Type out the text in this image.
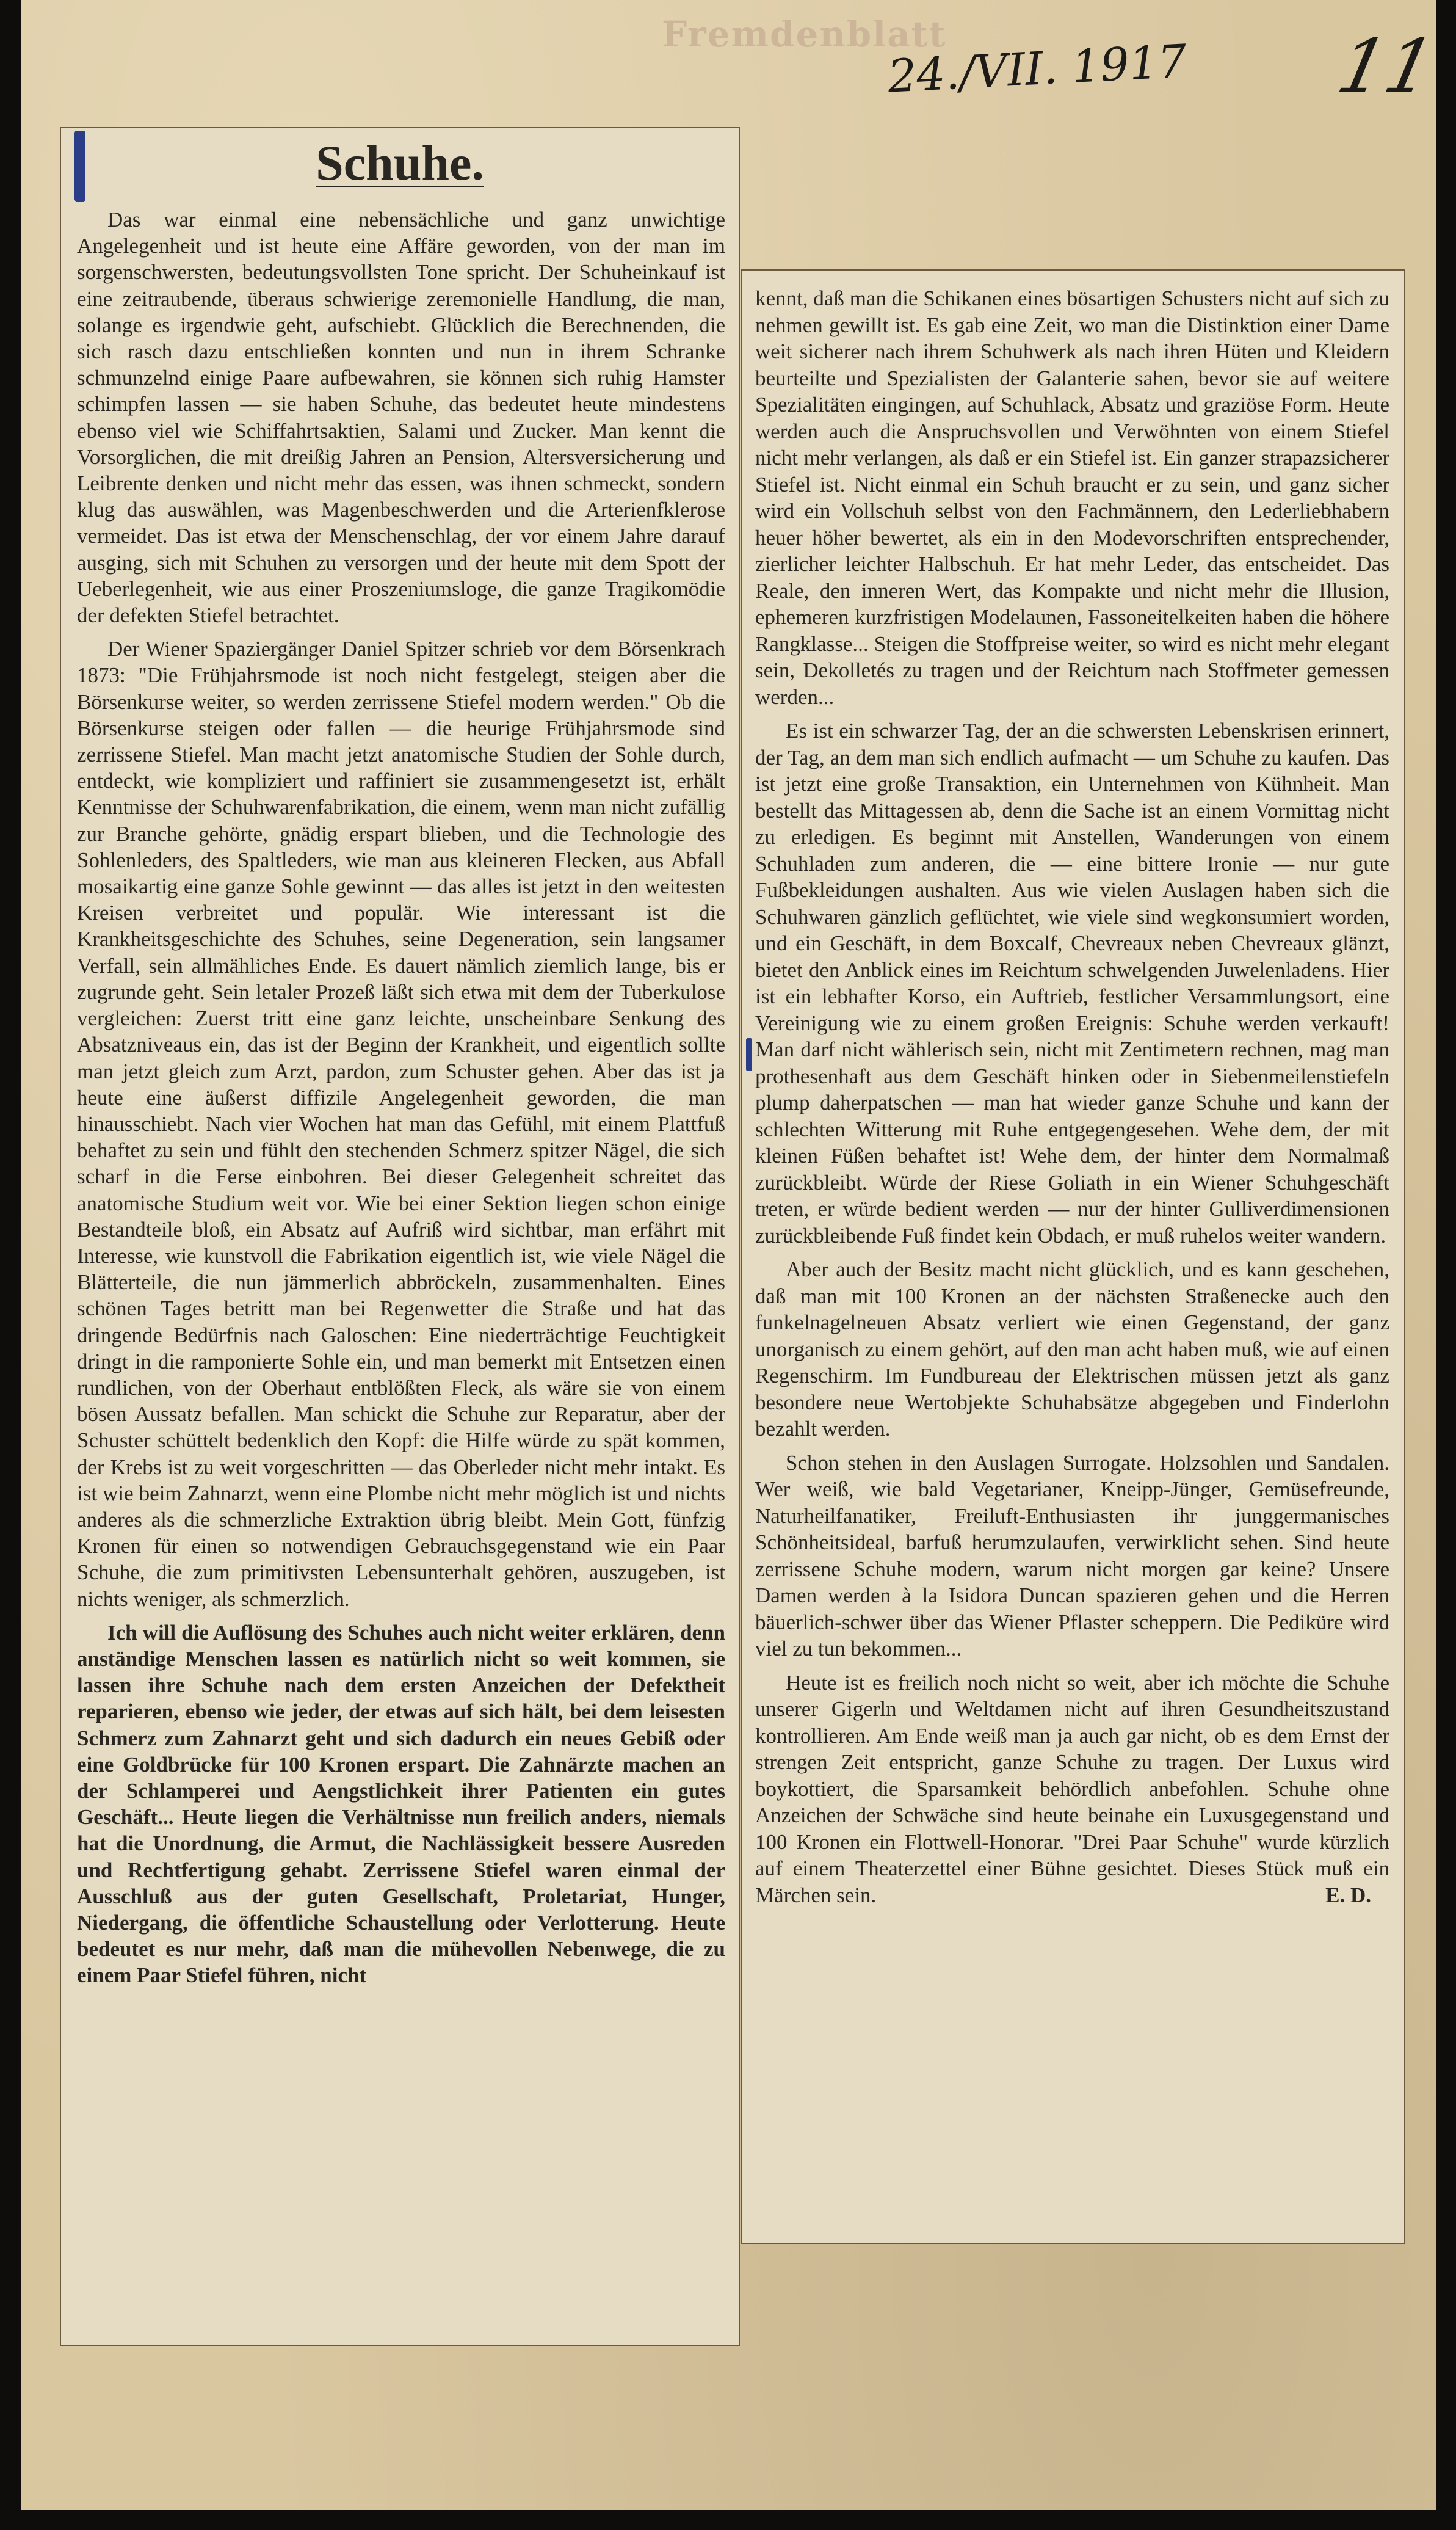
Fremdenblatt
24./VII. 1917 11
Schuhe.

Das war einmal eine nebensächliche und ganz unwichtige Angelegenheit und ist heute eine Affäre geworden, von der man im sorgenschwersten, bedeutungsvollsten Tone spricht. Der Schuheinkauf ist eine zeitraubende, überaus schwierige zeremonielle Handlung, die man, solange es irgendwie geht, aufschiebt. Glücklich die Berechnenden, die sich rasch dazu entschließen konnten und nun in ihrem Schranke schmunzelnd einige Paare aufbewahren, sie können sich ruhig Hamster schimpfen lassen — sie haben Schuhe, das bedeutet heute mindestens ebenso viel wie Schiffahrtsaktien, Salami und Zucker. Man kennt die Vorsorglichen, die mit dreißig Jahren an Pension, Altersversicherung und Leibrente denken und nicht mehr das essen, was ihnen schmeckt, sondern klug das auswählen, was Magenbeschwerden und die Arterienfklerose vermeidet. Das ist etwa der Menschenschlag, der vor einem Jahre darauf ausging, sich mit Schuhen zu versorgen und der heute mit dem Spott der Ueberlegenheit, wie aus einer Proszeniumsloge, die ganze Tragikomödie der defekten Stiefel betrachtet.

Der Wiener Spaziergänger Daniel Spitzer schrieb vor dem Börsenkrach 1873: "Die Frühjahrsmode ist noch nicht festgelegt, steigen aber die Börsenkurse weiter, so werden zerrissene Stiefel modern werden." Ob die Börsenkurse steigen oder fallen — die heurige Frühjahrsmode sind zerrissene Stiefel. Man macht jetzt anatomische Studien der Sohle durch, entdeckt, wie kompliziert und raffiniert sie zusammengesetzt ist, erhält Kenntnisse der Schuhwarenfabrikation, die einem, wenn man nicht zufällig zur Branche gehörte, gnädig erspart blieben, und die Technologie des Sohlenleders, des Spaltleders, wie man aus kleineren Flecken, aus Abfall mosaikartig eine ganze Sohle gewinnt — das alles ist jetzt in den weitesten Kreisen verbreitet und populär. Wie interessant ist die Krankheitsgeschichte des Schuhes, seine Degeneration, sein langsamer Verfall, sein allmähliches Ende. Es dauert nämlich ziemlich lange, bis er zugrunde geht. Sein letaler Prozeß läßt sich etwa mit dem der Tuberkulose vergleichen: Zuerst tritt eine ganz leichte, unscheinbare Senkung des Absatzniveaus ein, das ist der Beginn der Krankheit, und eigentlich sollte man jetzt gleich zum Arzt, pardon, zum Schuster gehen. Aber das ist ja heute eine äußerst diffizile Angelegenheit geworden, die man hinausschiebt. Nach vier Wochen hat man das Gefühl, mit einem Plattfuß behaftet zu sein und fühlt den stechenden Schmerz spitzer Nägel, die sich scharf in die Ferse einbohren. Bei dieser Gelegenheit schreitet das anatomische Studium weit vor. Wie bei einer Sektion liegen schon einige Bestandteile bloß, ein Absatz auf Aufriß wird sichtbar, man erfährt mit Interesse, wie kunstvoll die Fabrikation eigentlich ist, wie viele Nägel die Blätterteile, die nun jämmerlich abbröckeln, zusammenhalten. Eines schönen Tages betritt man bei Regenwetter die Straße und hat das dringende Bedürfnis nach Galoschen: Eine niederträchtige Feuchtigkeit dringt in die ramponierte Sohle ein, und man bemerkt mit Entsetzen einen rundlichen, von der Oberhaut entblößten Fleck, als wäre sie von einem bösen Aussatz befallen. Man schickt die Schuhe zur Reparatur, aber der Schuster schüttelt bedenklich den Kopf: die Hilfe würde zu spät kommen, der Krebs ist zu weit vorgeschritten — das Oberleder nicht mehr intakt. Es ist wie beim Zahnarzt, wenn eine Plombe nicht mehr möglich ist und nichts anderes als die schmerzliche Extraktion übrig bleibt. Mein Gott, fünfzig Kronen für einen so notwendigen Gebrauchsgegenstand wie ein Paar Schuhe, die zum primitivsten Lebensunterhalt gehören, auszugeben, ist nichts weniger, als schmerzlich.

Ich will die Auflösung des Schuhes auch nicht weiter erklären, denn anständige Menschen lassen es natürlich nicht so weit kommen, sie lassen ihre Schuhe nach dem ersten Anzeichen der Defektheit reparieren, ebenso wie jeder, der etwas auf sich hält, bei dem leisesten Schmerz zum Zahnarzt geht und sich dadurch ein neues Gebiß oder eine Goldbrücke für 100 Kronen erspart. Die Zahnärzte machen an der Schlamperei und Aengstlichkeit ihrer Patienten ein gutes Geschäft... Heute liegen die Verhältnisse nun freilich anders, niemals hat die Unordnung, die Armut, die Nachlässigkeit bessere Ausreden und Rechtfertigung gehabt. Zerrissene Stiefel waren einmal der Ausschluß aus der guten Gesellschaft, Proletariat, Hunger, Niedergang, die öffentliche Schaustellung oder Verlotterung. Heute bedeutet es nur mehr, daß man die mühevollen Nebenwege, die zu einem Paar Stiefel führen, nicht

kennt, daß man die Schikanen eines bösartigen Schusters nicht auf sich zu nehmen gewillt ist. Es gab eine Zeit, wo man die Distinktion einer Dame weit sicherer nach ihrem Schuhwerk als nach ihren Hüten und Kleidern beurteilte und Spezialisten der Galanterie sahen, bevor sie auf weitere Spezialitäten eingingen, auf Schuhlack, Absatz und graziöse Form. Heute werden auch die Anspruchsvollen und Verwöhnten von einem Stiefel nicht mehr verlangen, als daß er ein Stiefel ist. Ein ganzer strapazsicherer Stiefel ist. Nicht einmal ein Schuh braucht er zu sein, und ganz sicher wird ein Vollschuh selbst von den Fachmännern, den Lederliebhabern heuer höher bewertet, als ein in den Modevorschriften entsprechender, zierlicher leichter Halbschuh. Er hat mehr Leder, das entscheidet. Das Reale, den inneren Wert, das Kompakte und nicht mehr die Illusion, ephemeren kurzfristigen Modelaunen, Fassoneitelkeiten haben die höhere Rangklasse... Steigen die Stoffpreise weiter, so wird es nicht mehr elegant sein, Dekolletés zu tragen und der Reichtum nach Stoffmeter gemessen werden...

Es ist ein schwarzer Tag, der an die schwersten Lebenskrisen erinnert, der Tag, an dem man sich endlich aufmacht — um Schuhe zu kaufen. Das ist jetzt eine große Transaktion, ein Unternehmen von Kühnheit. Man bestellt das Mittagessen ab, denn die Sache ist an einem Vormittag nicht zu erledigen. Es beginnt mit Anstellen, Wanderungen von einem Schuhladen zum anderen, die — eine bittere Ironie — nur gute Fußbekleidungen aushalten. Aus wie vielen Auslagen haben sich die Schuhwaren gänzlich geflüchtet, wie viele sind wegkonsumiert worden, und ein Geschäft, in dem Boxcalf, Chevreaux neben Chevreaux glänzt, bietet den Anblick eines im Reichtum schwelgenden Juwelenladens. Hier ist ein lebhafter Korso, ein Auftrieb, festlicher Versammlungsort, eine Vereinigung wie zu einem großen Ereignis: Schuhe werden verkauft! Man darf nicht wählerisch sein, nicht mit Zentimetern rechnen, mag man prothesenhaft aus dem Geschäft hinken oder in Siebenmeilenstiefeln plump daherpatschen — man hat wieder ganze Schuhe und kann der schlechten Witterung mit Ruhe entgegengesehen. Wehe dem, der mit kleinen Füßen behaftet ist! Wehe dem, der hinter dem Normalmaß zurückbleibt. Würde der Riese Goliath in ein Wiener Schuhgeschäft treten, er würde bedient werden — nur der hinter Gulliverdimensionen zurückbleibende Fuß findet kein Obdach, er muß ruhelos weiter wandern.

Aber auch der Besitz macht nicht glücklich, und es kann geschehen, daß man mit 100 Kronen an der nächsten Straßenecke auch den funkelnagelneuen Absatz verliert wie einen Gegenstand, der ganz unorganisch zu einem gehört, auf den man acht haben muß, wie auf einen Regenschirm. Im Fundbureau der Elektrischen müssen jetzt als ganz besondere neue Wertobjekte Schuhabsätze abgegeben und Finderlohn bezahlt werden.

Schon stehen in den Auslagen Surrogate. Holzsohlen und Sandalen. Wer weiß, wie bald Vegetarianer, Kneipp-Jünger, Gemüsefreunde, Naturheilfanatiker, Freiluft-Enthusiasten ihr junggermanisches Schönheitsideal, barfuß herumzulaufen, verwirklicht sehen. Sind heute zerrissene Schuhe modern, warum nicht morgen gar keine? Unsere Damen werden à la Isidora Duncan spazieren gehen und die Herren bäuerlich-schwer über das Wiener Pflaster scheppern. Die Pediküre wird viel zu tun bekommen...

Heute ist es freilich noch nicht so weit, aber ich möchte die Schuhe unserer Gigerln und Weltdamen nicht auf ihren Gesundheitszustand kontrollieren. Am Ende weiß man ja auch gar nicht, ob es dem Ernst der strengen Zeit entspricht, ganze Schuhe zu tragen. Der Luxus wird boykottiert, die Sparsamkeit behördlich anbefohlen. Schuhe ohne Anzeichen der Schwäche sind heute beinahe ein Luxusgegenstand und 100 Kronen ein Flottwell-Honorar. "Drei Paar Schuhe" wurde kürzlich auf einem Theaterzettel einer Bühne gesichtet. Dieses Stück muß ein Märchen sein.	E. D.
